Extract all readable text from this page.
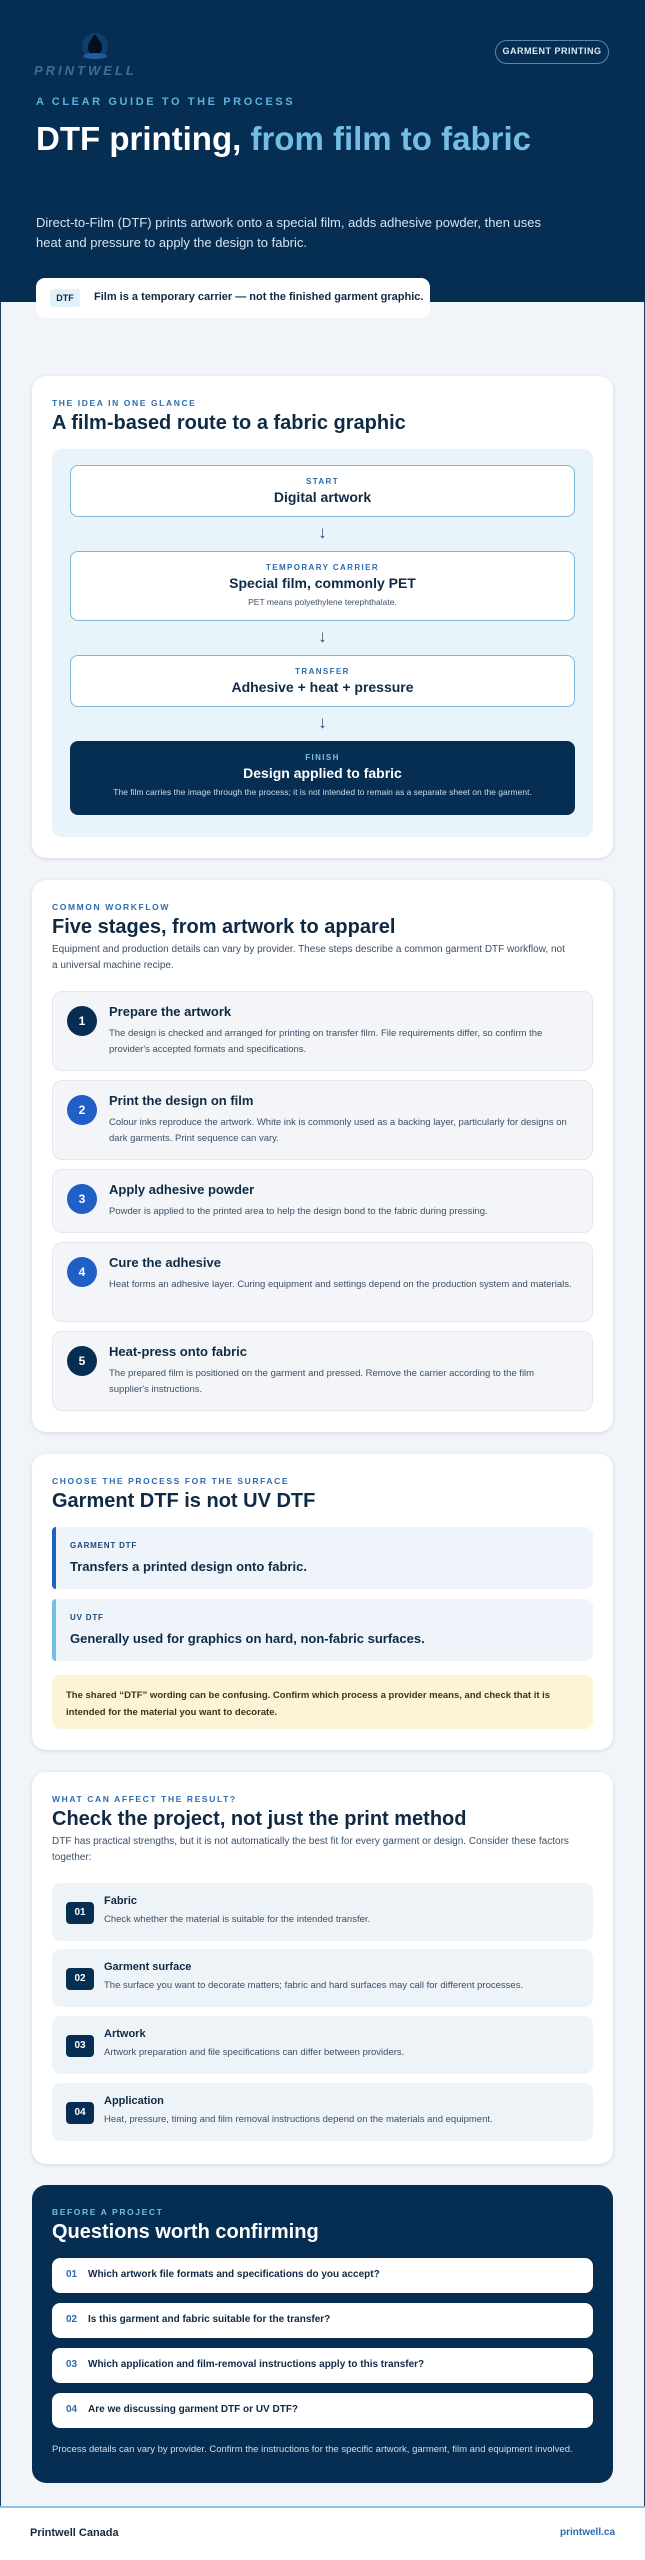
PRINTWELL
GARMENT PRINTING
A CLEAR GUIDE TO THE PROCESS
DTF printing, from film to fabric

Direct-to-Film (DTF) prints artwork onto a special film, adds adhesive powder, then uses heat and pressure to apply the design to fabric.

DTF	Film is a temporary carrier — not the finished garment graphic.
THE IDEA IN ONE GLANCE
A film-based route to a fabric graphic
START
Digital artwork
↓
TEMPORARY CARRIER
Special film, commonly PET
PET means polyethylene terephthalate.
↓
TRANSFER
Adhesive + heat + pressure
↓
FINISH
Design applied to fabric
The film carries the image through the process; it is not intended to remain as a separate sheet on the garment.
COMMON WORKFLOW
Five stages, from artwork to apparel

Equipment and production details can vary by provider. These steps describe a common garment DTF workflow, not a universal machine recipe.

1
Prepare the artwork
The design is checked and arranged for printing on transfer film. File requirements differ, so confirm the provider's accepted formats and specifications.
2
Print the design on film
Colour inks reproduce the artwork. White ink is commonly used as a backing layer, particularly for designs on dark garments. Print sequence can vary.
3
Apply adhesive powder
Powder is applied to the printed area to help the design bond to the fabric during pressing.
4
Cure the adhesive
Heat forms an adhesive layer. Curing equipment and settings depend on the production system and materials.
5
Heat-press onto fabric
The prepared film is positioned on the garment and pressed. Remove the carrier according to the film supplier's instructions.
CHOOSE THE PROCESS FOR THE SURFACE
Garment DTF is not UV DTF
GARMENT DTF
Transfers a printed design onto fabric.
UV DTF
Generally used for graphics on hard, non-fabric surfaces.
The shared “DTF” wording can be confusing. Confirm which process a provider means, and check that it is intended for the material you want to decorate.
WHAT CAN AFFECT THE RESULT?
Check the project, not just the print method

DTF has practical strengths, but it is not automatically the best fit for every garment or design. Consider these factors together:

01
Fabric
Check whether the material is suitable for the intended transfer.
02
Garment surface
The surface you want to decorate matters; fabric and hard surfaces may call for different processes.
03
Artwork
Artwork preparation and file specifications can differ between providers.
04
Application
Heat, pressure, timing and film removal instructions depend on the materials and equipment.
BEFORE A PROJECT
Questions worth confirming
01 Which artwork file formats and specifications do you accept?
02 Is this garment and fabric suitable for the transfer?
03 Which application and film-removal instructions apply to this transfer?
04 Are we discussing garment DTF or UV DTF?

Process details can vary by provider. Confirm the instructions for the specific artwork, garment, film and equipment involved.

Printwell Canada	printwell.ca
